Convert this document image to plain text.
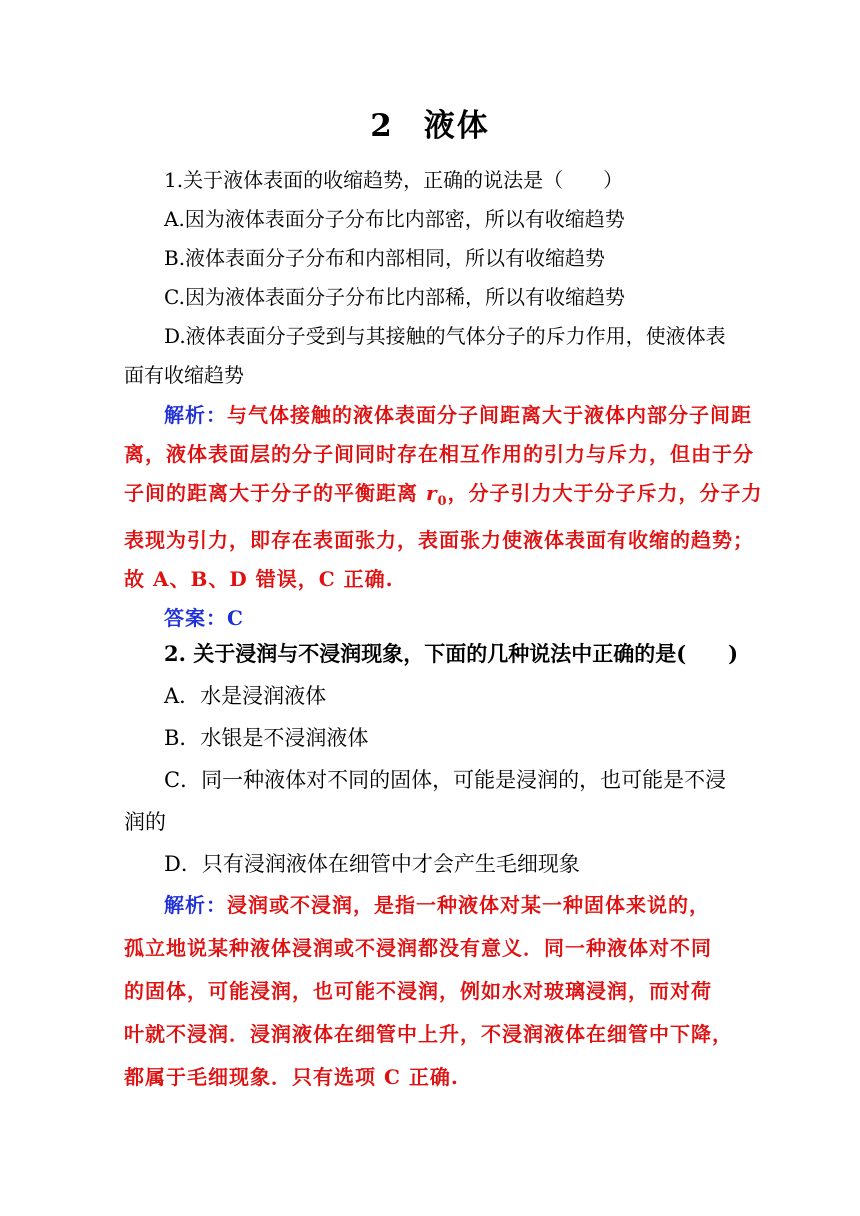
2 液体
1.关于液体表面的收缩趋势，正确的说法是（　　）
A.因为液体表面分子分布比内部密，所以有收缩趋势
B.液体表面分子分布和内部相同，所以有收缩趋势
C.因为液体表面分子分布比内部稀，所以有收缩趋势
D.液体表面分子受到与其接触的气体分子的斥力作用，使液体表
面有收缩趋势
解析：与气体接触的液体表面分子间距离大于液体内部分子间距
离，液体表面层的分子间同时存在相互作用的引力与斥力，但由于分
子间的距离大于分子的平衡距离 $r_0$，分子引力大于分子斥力，分子力
表现为引力，即存在表面张力，表面张力使液体表面有收缩的趋势；
故 A、B、D 错误，C 正确.
答案：C
2. 关于浸润与不浸润现象，下面的几种说法中正确的是(　　)
A．水是浸润液体
B．水银是不浸润液体
C．同一种液体对不同的固体，可能是浸润的，也可能是不浸
润的
D．只有浸润液体在细管中才会产生毛细现象
解析：浸润或不浸润，是指一种液体对某一种固体来说的，
孤立地说某种液体浸润或不浸润都没有意义．同一种液体对不同
的固体，可能浸润，也可能不浸润，例如水对玻璃浸润，而对荷
叶就不浸润．浸润液体在细管中上升，不浸润液体在细管中下降，
都属于毛细现象．只有选项 C 正确.
